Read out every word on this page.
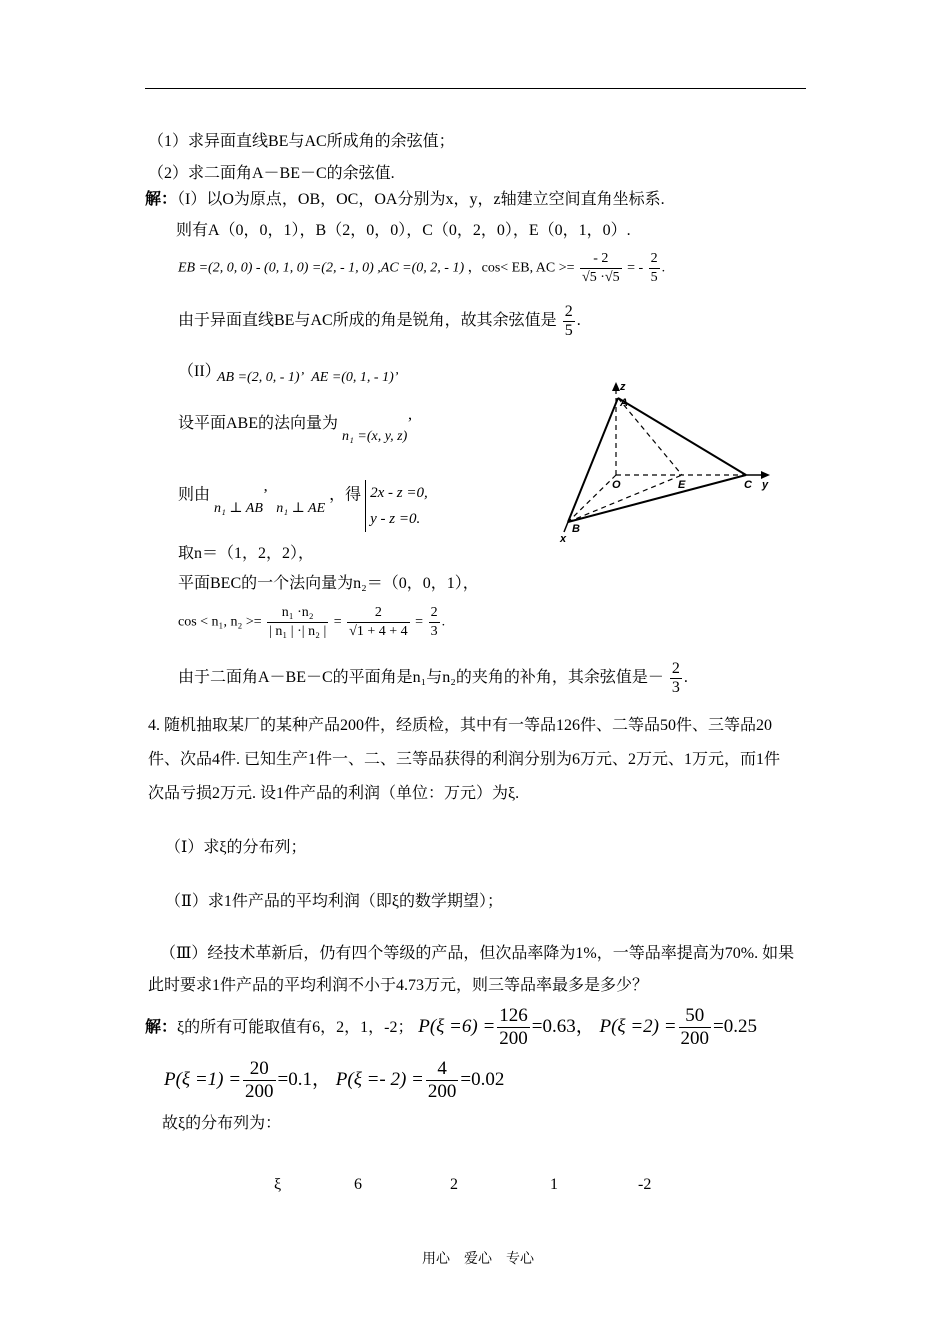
（1）求异面直线BE与AC所成角的余弦值；
（2）求二面角A－BE－C的余弦值.
解：（I）以O为原点，OB，OC，OA分别为x，y，z轴建立空间直角坐标系.
则有A（0，0，1），B（2，0，0），C（0，2，0），E（0，1，0）.
EB =(2, 0, 0) - (0, 1, 0) =(2, - 1, 0) ,AC =(0, 2, - 1) ，cos< EB, AC >= $\frac{- 2}{√5 \cdot√5}$ = - $\frac{2}{5}$ .
由于异面直线BE与AC所成的角是锐角，故其余弦值是 $\frac{2}{5}$ .
（II）
AB =(2, 0, - 1)’  AE =(0, 1, - 1)’
设平面ABE的法向量为 n₁ =(x, y, z)’
则由 n₁ ⊥ AB’  n₁ ⊥ AE ，得 2x - z =0,
y - z =0.
取n＝（1，2，2），
平面BEC的一个法向量为n₂＝（0，0，1），
cos < n₁, $n_2 >= \frac{\text{n₁ ·n₂}}{\text{| n₁ | ·| n₂ |}} = \frac{2}{√1 + 4 + 4} = \frac{2}{3}$ .
由于二面角A－BE－C的平面角是n₁与n₂的夹角的补角，其余弦值是－ $\frac{2}{3}$ .
z
A
O	E	C y
B
x
4. 随机抽取某厂的某种产品200件，经质检，其中有一等品126件、二等品50件、三等品20
件、次品4件. 已知生产1件一、二、三等品获得的利润分别为6万元、2万元、1万元，而1件
次品亏损2万元. 设1件产品的利润（单位：万元）为ξ.
（Ⅰ）求ξ的分布列；
（Ⅱ）求1件产品的平均利润（即ξ的数学期望）；
（Ⅲ）经技术革新后，仍有四个等级的产品，但次品率降为1%，一等品率提高为70%. 如果
此时要求1件产品的平均利润不小于4.73万元，则三等品率最多是多少？
解：ξ的所有可能取值有6，2，1，-2； $P(\xi =6) = \frac{126}{200} =0.63$， $P(\xi =2) = \frac{50}{200} =0.25$
$P(\xi =1) = \frac{20}{200} =0.1$， $P(\xi =- 2) = \frac{4}{200} =0.02$
故ξ的分布列为：
ξ	6	2	1	-2
用心　爱心　专心
